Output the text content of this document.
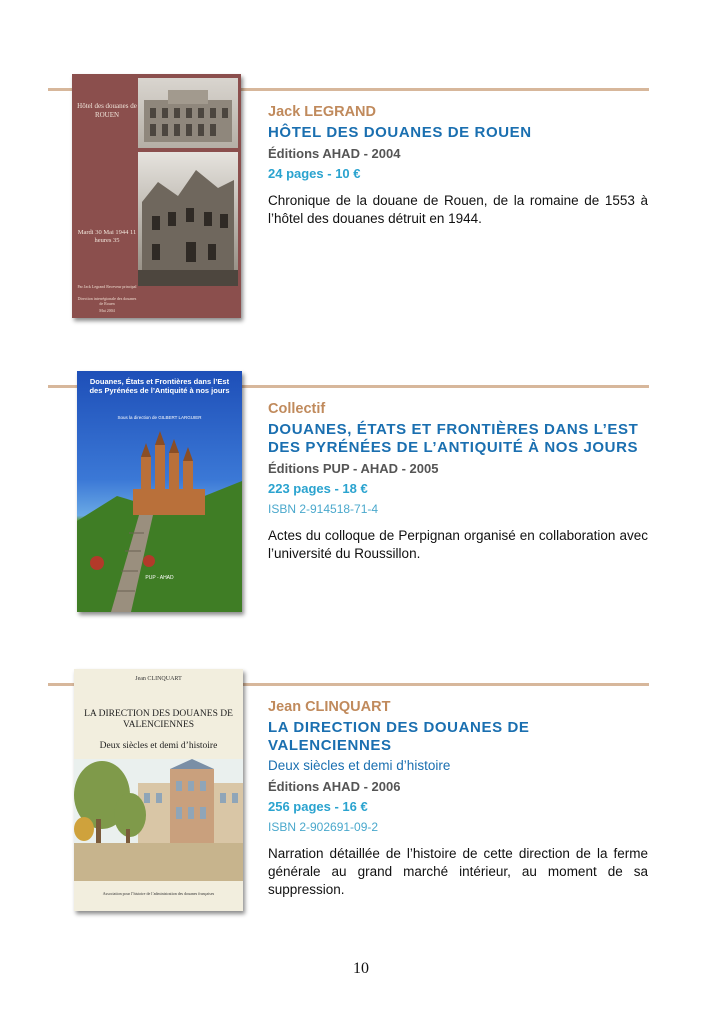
Hôtel des douanes de ROUEN
Mardi 30 Mai 1944 11 heures 35
Par Jack Legrand Receveur principal
Direction interrégionale des douanes de Rouen
Mai 2004
Jack LEGRAND
HÔTEL DES DOUANES DE ROUEN
Éditions AHAD - 2004
24 pages - 10 €
Chronique de la douane de Rouen, de la romaine de 1553 à l’hôtel des douanes détruit en 1944.
Douanes, États et Frontières dans l’Est des Pyrénées de l’Antiquité à nos jours
Sous la direction de GILBERT LARGUIER
PUP - AHAD
Collectif
DOUANES, ÉTATS ET FRONTIÈRES DANS L’EST DES PYRÉNÉES DE L’ANTIQUITÉ À NOS JOURS
Éditions PUP - AHAD - 2005
223 pages - 18 €
ISBN 2-914518-71-4
Actes du colloque de Perpignan organisé en collaboration avec l’université du Roussillon.
Jean CLINQUART
LA DIRECTION DES DOUANES DE VALENCIENNES
Deux siècles et demi d’histoire
Association pour l’histoire de l’administration des douanes françaises
Jean CLINQUART
LA DIRECTION DES DOUANES DE VALENCIENNES
Deux siècles et demi d’histoire
Éditions AHAD - 2006
256 pages - 16 €
ISBN 2-902691-09-2
Narration détaillée de l’histoire de cette direction de la ferme générale au grand marché intérieur, au moment de sa suppression.
10
